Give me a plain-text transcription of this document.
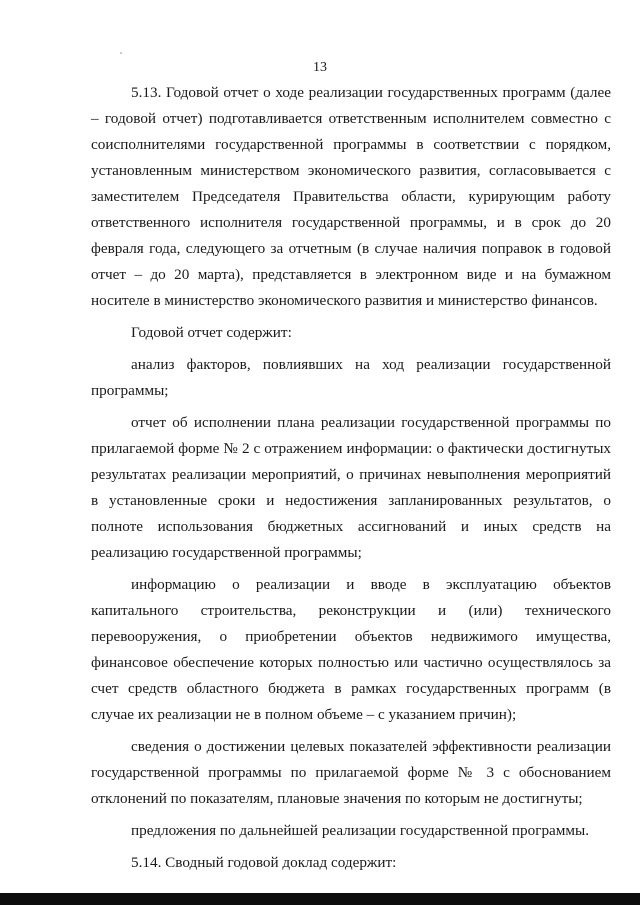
13

5.13. Годовой отчет о ходе реализации государственных программ (далее – годовой отчет) подготавливается ответственным исполнителем совместно с соисполнителями государственной программы в соответствии с порядком, установленным министерством экономического развития, согласовывается с заместителем Председателя Правительства области, курирующим работу ответственного исполнителя государственной программы, и в срок до 20 февраля года, следующего за отчетным (в случае наличия поправок в годовой отчет – до 20 марта), представляется в электронном виде и на бумажном носителе в министерство экономического развития и министерство финансов.

Годовой отчет содержит:

анализ факторов, повлиявших на ход реализации государственной программы;

отчет об исполнении плана реализации государственной программы по прилагаемой форме № 2 с отражением информации: о фактически достигнутых результатах реализации мероприятий, о причинах невыполнения мероприятий в установленные сроки и недостижения запланированных результатов, о полноте использования бюджетных ассигнований и иных средств на реализацию государственной программы;

информацию о реализации и вводе в эксплуатацию объектов капитального строительства, реконструкции и (или) технического перевооружения, о приобретении объектов недвижимого имущества, финансовое обеспечение которых полностью или частично осуществлялось за счет средств областного бюджета в рамках государственных программ (в случае их реализации не в полном объеме – с указанием причин);

сведения о достижении целевых показателей эффективности реализации государственной программы по прилагаемой форме № 3 с обоснованием отклонений по показателям, плановые значения по которым не достигнуты;

предложения по дальнейшей реализации государственной программы.

5.14. Сводный годовой доклад содержит:
